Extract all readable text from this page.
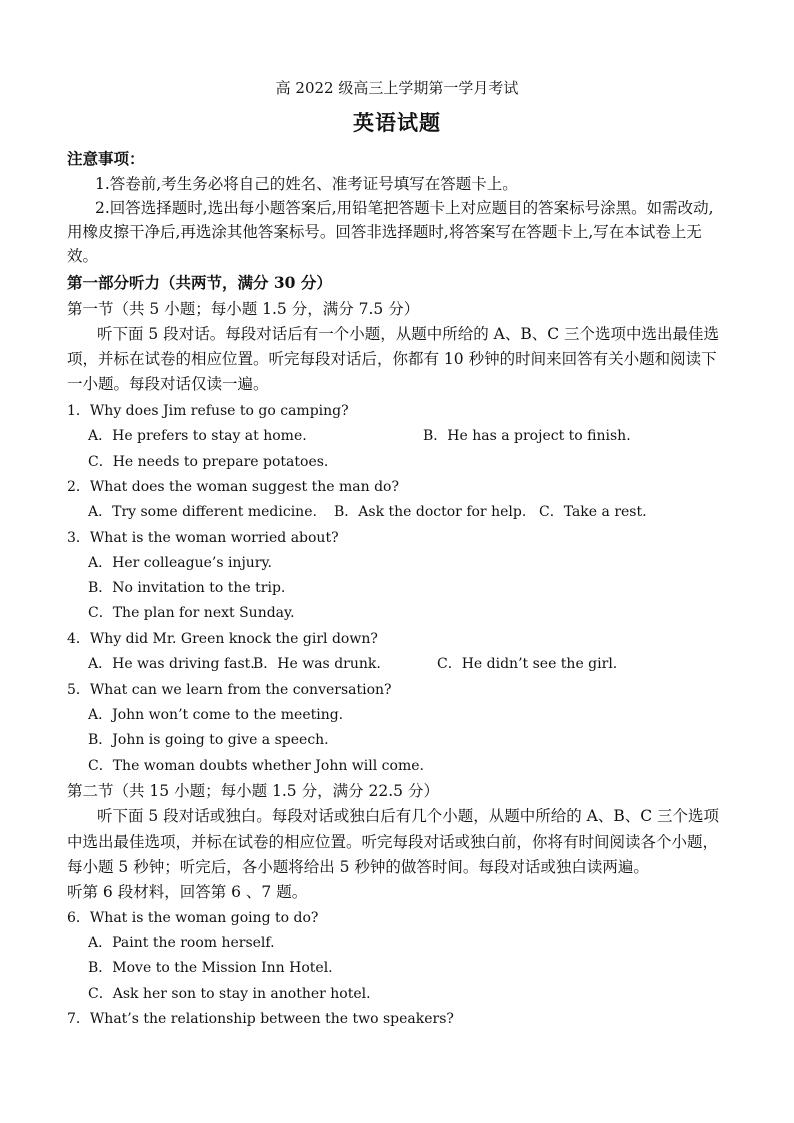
高 2022 级高三上学期第一学月考试
英语试题
注意事项：
1.答卷前,考生务必将自己的姓名、准考证号填写在答题卡上。
2.回答选择题时,选出每小题答案后,用铅笔把答题卡上对应题目的答案标号涂黑。如需改动,
用橡皮擦干净后,再选涂其他答案标号。回答非选择题时,将答案写在答题卡上,写在本试卷上无
效。
第一部分听力（共两节，满分 30 分）
第一节（共 5 小题；每小题 1.5 分，满分 7.5 分）
听下面 5 段对话。每段对话后有一个小题，从题中所给的 A、B、C 三个选项中选出最佳选
项，并标在试卷的相应位置。听完每段对话后，你都有 10 秒钟的时间来回答有关小题和阅读下
一小题。每段对话仅读一遍。
1．Why does Jim refuse to go camping?
A．He prefers to stay at home.	B．He has a project to finish.
C．He needs to prepare potatoes.
2．What does the woman suggest the man do?
A．Try some different medicine. B．Ask the doctor for help. C．Take a rest.
3．What is the woman worried about?
A．Her colleague’s injury.
B．No invitation to the trip.
C．The plan for next Sunday.
4．Why did Mr. Green knock the girl down?
A．He was driving fast.
B．He was drunk.	C．He didn’t see the girl.
5．What can we learn from the conversation?
A．John won’t come to the meeting.
B．John is going to give a speech.
C．The woman doubts whether John will come.
第二节（共 15 小题；每小题 1.5 分，满分 22.5 分）
听下面 5 段对话或独白。每段对话或独白后有几个小题，从题中所给的 A、B、C 三个选项
中选出最佳选项，并标在试卷的相应位置。听完每段对话或独白前，你将有时间阅读各个小题，
每小题 5 秒钟；听完后，各小题将给出 5 秒钟的做答时间。每段对话或独白读两遍。
听第 6 段材料，回答第 6 、7 题。
6．What is the woman going to do?
A．Paint the room herself.
B．Move to the Mission Inn Hotel.
C．Ask her son to stay in another hotel.
7．What’s the relationship between the two speakers?
